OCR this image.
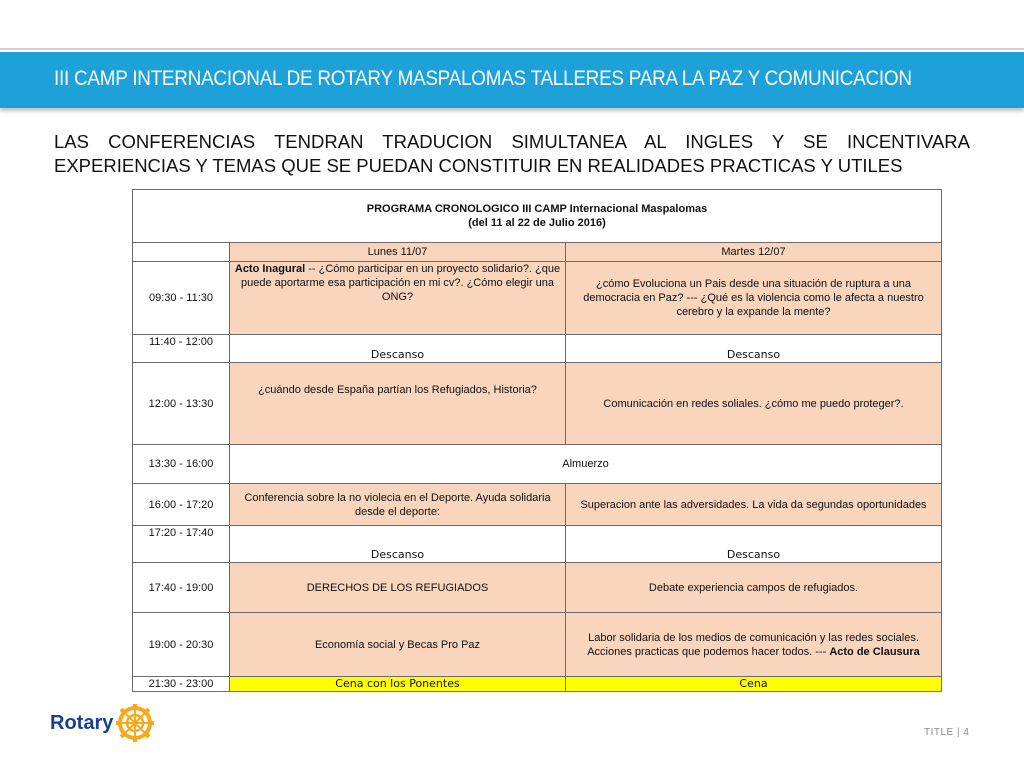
III CAMP INTERNACIONAL DE ROTARY MASPALOMAS TALLERES PARA LA PAZ Y COMUNICACION
LAS CONFERENCIAS TENDRAN TRADUCION SIMULTANEA AL INGLES Y SE INCENTIVARA EXPERIENCIAS Y TEMAS QUE SE PUEDAN CONSTITUIR EN REALIDADES PRACTICAS Y UTILES
PROGRAMA CRONOLOGICO III CAMP Internacional Maspalomas
(del 11 al 22 de Julio 2016)		
	Lunes 11/07	Martes 12/07
09:30 - 11:30	Acto Inagural -- ¿Cómo participar en un proyecto solidario?. ¿que puede aportarme esa participación en mi cv?. ¿Cómo elegir una ONG?	¿cómo Evoluciona un Pais desde una situación de ruptura a una democracia en Paz? --- ¿Qué es la violencia como le afecta a nuestro cerebro y la expande la mente?
11:40 - 12:00	Descanso	Descanso
12:00 - 13:30	¿cuándo desde España partían los Refugiados, Historia?	Comunicación en redes soliales. ¿cómo me puedo proteger?.
13:30 - 16:00	Almuerzo	
16:00 - 17:20	Conferencia sobre la no violecia en el Deporte. Ayuda solidaria desde el deporte:	Superacion ante las adversidades. La vida da segundas oportunidades
17:20 - 17:40	Descanso	Descanso
17:40 - 19:00	DERECHOS DE LOS REFUGIADOS	Debate experiencia campos de refugiados.
19:00 - 20:30	Economía social y Becas Pro Paz	Labor solidaria de los medios de comunicación y las redes sociales. Acciones practicas que podemos hacer todos. --- Acto de Clausura
21:30 - 23:00	Cena con los Ponentes	Cena
Rotary	TITLE | 4
